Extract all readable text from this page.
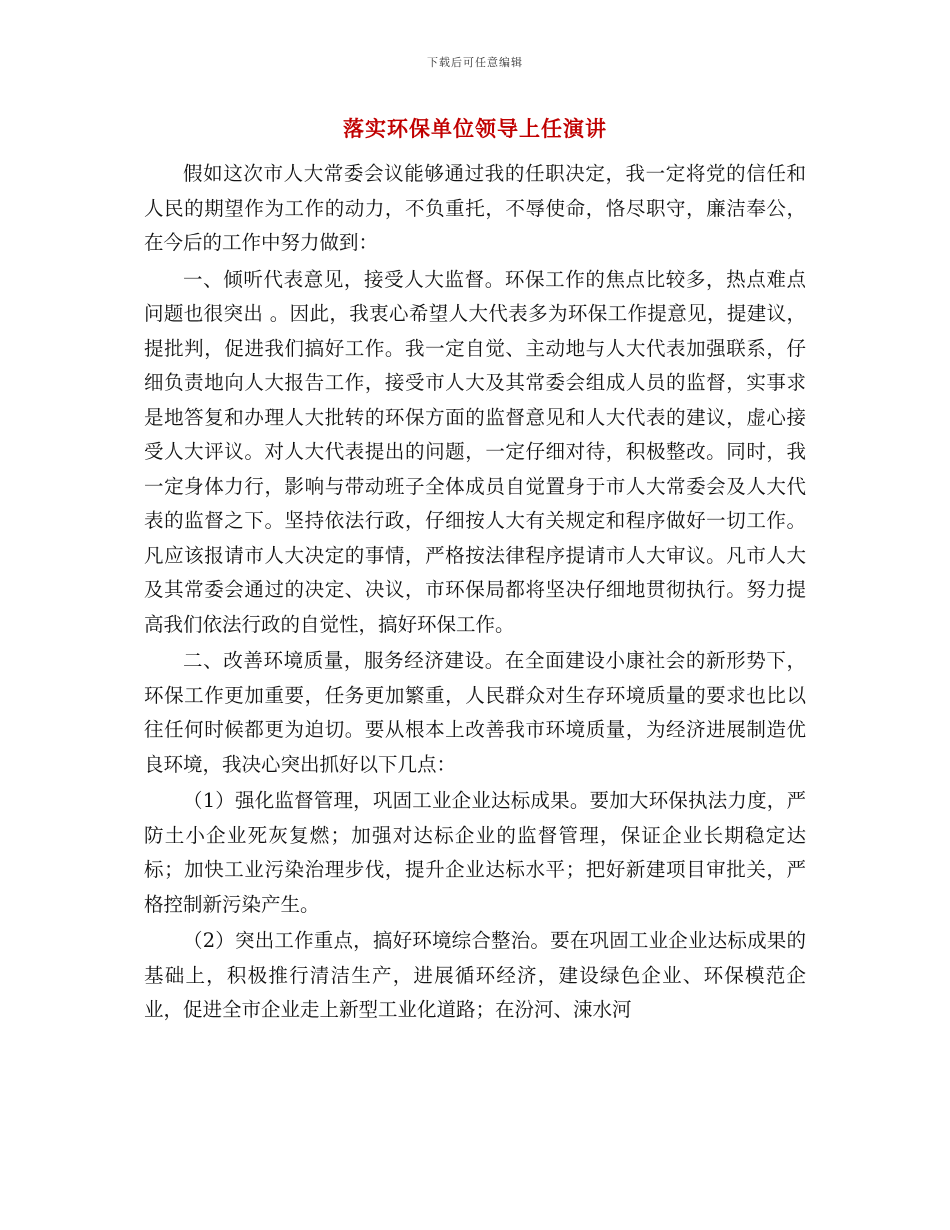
下载后可任意编辑
落实环保单位领导上任演讲

假如这次市人大常委会议能够通过我的任职决定，我一定将党的信任和人民的期望作为工作的动力，不负重托，不辱使命，恪尽职守，廉洁奉公，在今后的工作中努力做到：

一、倾听代表意见，接受人大监督。环保工作的焦点比较多，热点难点问题也很突出 。因此，我衷心希望人大代表多为环保工作提意见，提建议，提批判，促进我们搞好工作。我一定自觉、主动地与人大代表加强联系，仔细负责地向人大报告工作，接受市人大及其常委会组成人员的监督，实事求是地答复和办理人大批转的环保方面的监督意见和人大代表的建议，虚心接受人大评议。对人大代表提出的问题，一定仔细对待，积极整改。同时，我一定身体力行，影响与带动班子全体成员自觉置身于市人大常委会及人大代表的监督之下。坚持依法行政，仔细按人大有关规定和程序做好一切工作。凡应该报请市人大决定的事情，严格按法律程序提请市人大审议。凡市人大及其常委会通过的决定、决议，市环保局都将坚决仔细地贯彻执行。努力提高我们依法行政的自觉性，搞好环保工作。

二、改善环境质量，服务经济建设。在全面建设小康社会的新形势下，环保工作更加重要，任务更加繁重，人民群众对生存环境质量的要求也比以往任何时候都更为迫切。要从根本上改善我市环境质量，为经济进展制造优良环境，我决心突出抓好以下几点：

（1）强化监督管理，巩固工业企业达标成果。要加大环保执法力度，严防土小企业死灰复燃；加强对达标企业的监督管理，保证企业长期稳定达标；加快工业污染治理步伐，提升企业达标水平；把好新建项目审批关，严格控制新污染产生。

（2）突出工作重点，搞好环境综合整治。要在巩固工业企业达标成果的基础上，积极推行清洁生产，进展循环经济，建设绿色企业、环保模范企业，促进全市企业走上新型工业化道路；在汾河、涑水河
